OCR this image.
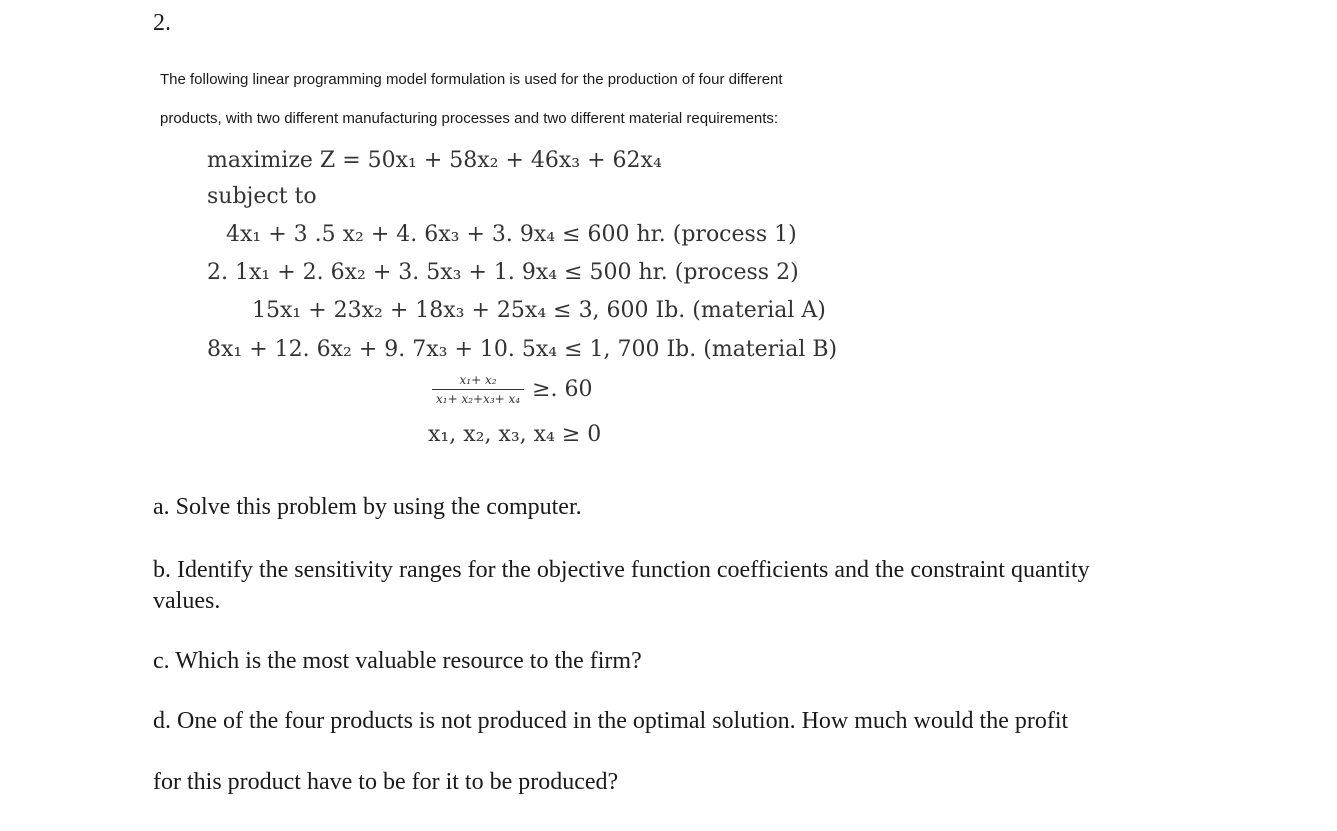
2.
The following linear programming model formulation is used for the production of four different
products, with two different manufacturing processes and two different material requirements:
maximize Z = 50x₁ + 58x₂ + 46x₃ + 62x₄
subject to
4x₁ + 3 .5 x₂ + 4. 6x₃ + 3. 9x₄ ≤ 600 hr. (process 1)
2. 1x₁ + 2. 6x₂ + 3. 5x₃ + 1. 9x₄ ≤ 500 hr. (process 2)
15x₁ + 23x₂ + 18x₃ + 25x₄ ≤ 3, 600 Ib. (material A)
8x₁ + 12. 6x₂ + 9. 7x₃ + 10. 5x₄ ≤ 1, 700 Ib. (material B)
$\frac{\text{x₁+ x₂}}{\text{x₁+ x₂+x₃+ x₄}}$ ≥. 60
x₁, x₂, x₃, x₄ ≥ 0
a. Solve this problem by using the computer.
b. Identify the sensitivity ranges for the objective function coefficients and the constraint quantity values.
c. Which is the most valuable resource to the firm?
d. One of the four products is not produced in the optimal solution. How much would the profit
for this product have to be for it to be produced?
